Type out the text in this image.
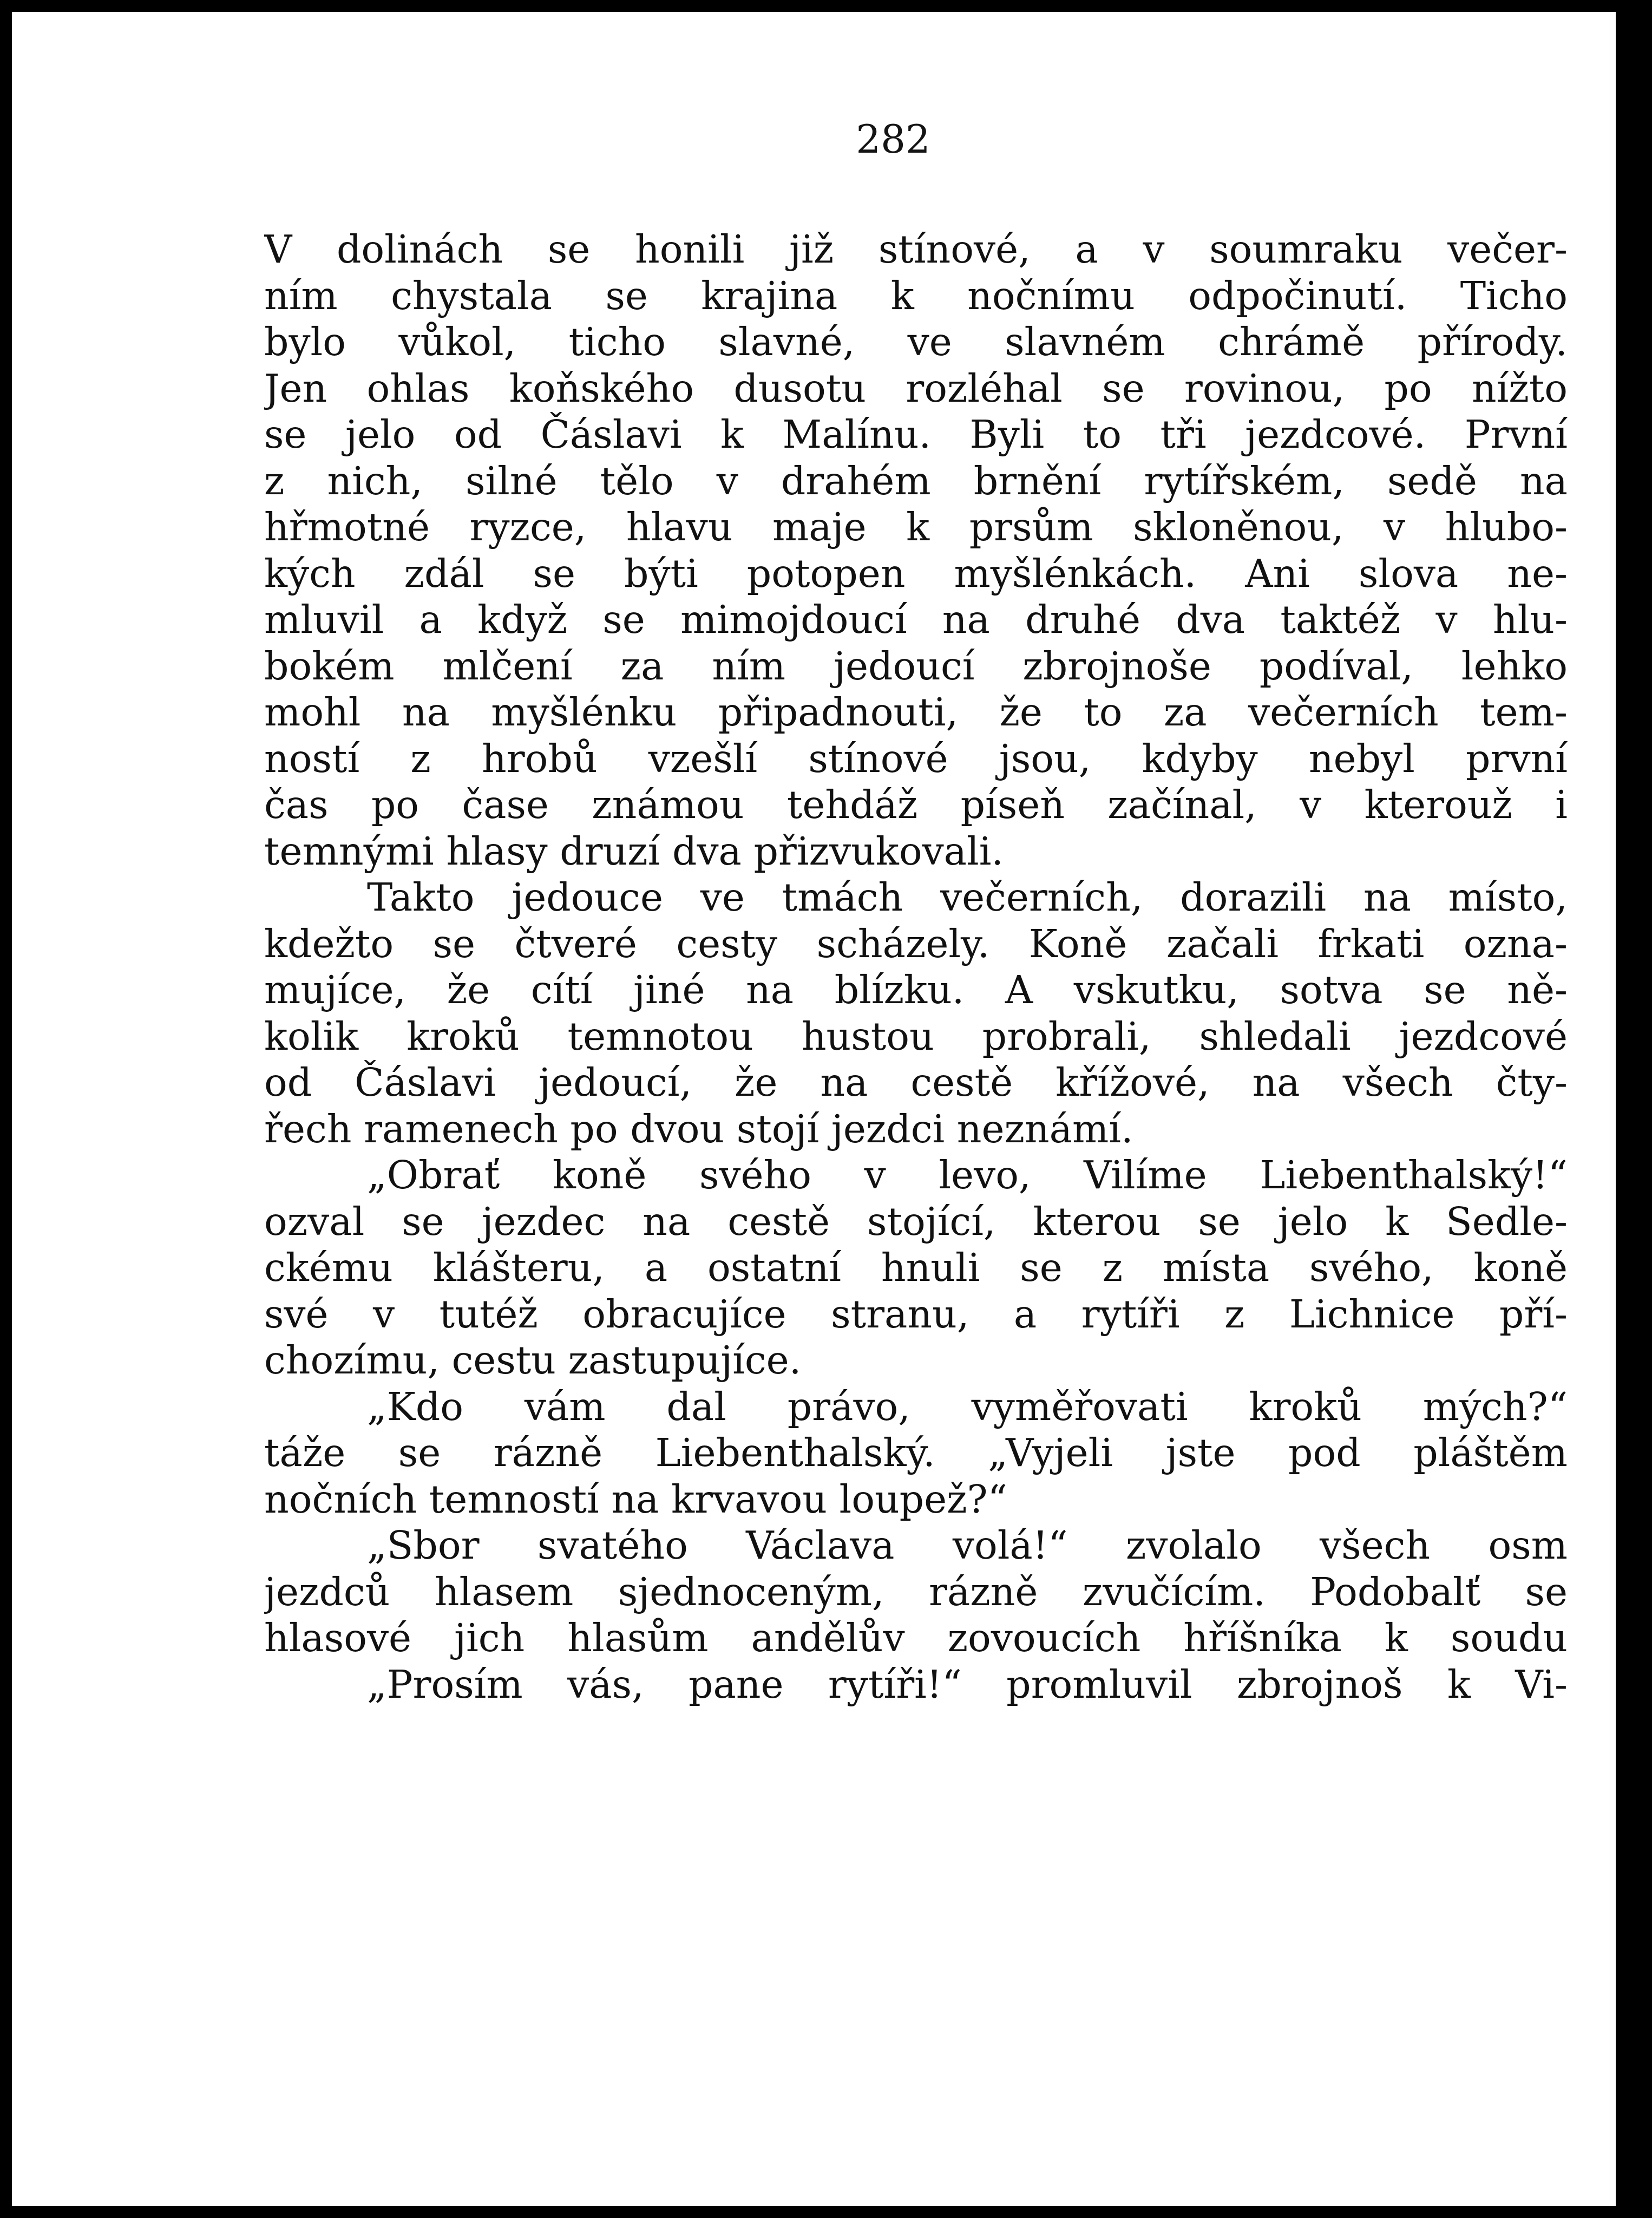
282
V dolinách se honili již stínové, a v soumraku večer-
ním chystala se krajina k nočnímu odpočinutí. Ticho
bylo vůkol, ticho slavné, ve slavném chrámě přírody.
Jen ohlas koňského dusotu rozléhal se rovinou, po nížto
se jelo od Čáslavi k Malínu. Byli to tři jezdcové. První
z nich, silné tělo v drahém brnění rytířském, sedě na
hřmotné ryzce, hlavu maje k prsům skloněnou, v hlubo-
kých zdál se býti potopen myšlénkách. Ani slova ne-
mluvil a když se mimojdoucí na druhé dva taktéž v hlu-
bokém mlčení za ním jedoucí zbrojnoše podíval, lehko
mohl na myšlénku připadnouti, že to za večerních tem-
ností z hrobů vzešlí stínové jsou, kdyby nebyl první
čas po čase známou tehdáž píseň začínal, v kterouž i
temnými hlasy druzí dva přizvukovali.
Takto jedouce ve tmách večerních, dorazili na místo,
kdežto se čtveré cesty scházely. Koně začali frkati ozna-
mujíce, že cítí jiné na blízku. A vskutku, sotva se ně-
kolik kroků temnotou hustou probrali, shledali jezdcové
od Čáslavi jedoucí, že na cestě křížové, na všech čty-
řech ramenech po dvou stojí jezdci neznámí.
„Obrať koně svého v levo, Vilíme Liebenthalský!“
ozval se jezdec na cestě stojící, kterou se jelo k Sedle-
ckému klášteru, a ostatní hnuli se z místa svého, koně
své v tutéž obracujíce stranu, a rytíři z Lichnice pří-
chozímu, cestu zastupujíce.
„Kdo vám dal právo, vyměřovati kroků mých?“
táže se rázně Liebenthalský. „Vyjeli jste pod pláštěm
nočních temností na krvavou loupež?“
„Sbor svatého Václava volá!“ zvolalo všech osm
jezdců hlasem sjednoceným, rázně zvučícím. Podobalť se
hlasové jich hlasům andělův zovoucích hříšníka k soudu
„Prosím vás, pane rytíři!“ promluvil zbrojnoš k Vi-
